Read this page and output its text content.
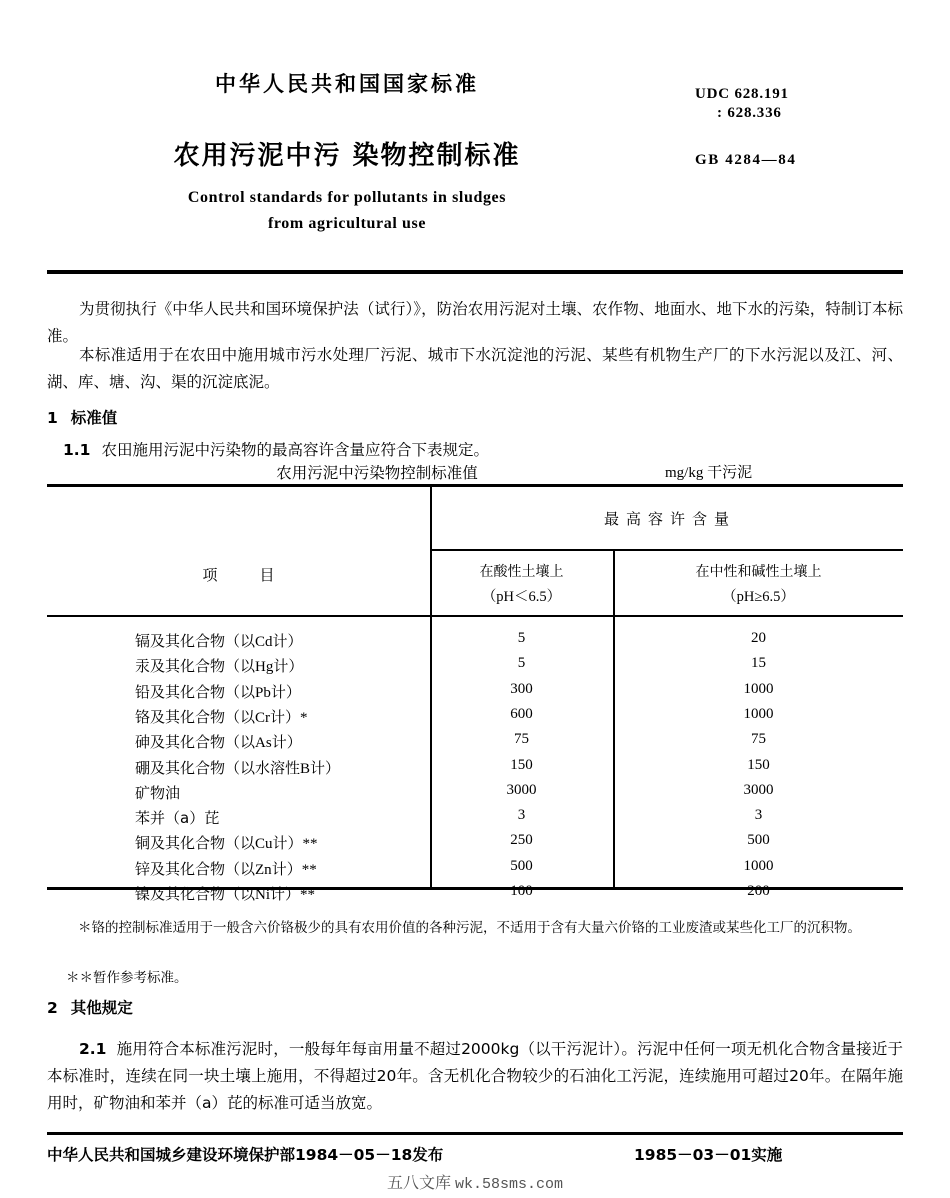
中华人民共和国国家标准
农用污泥中污 染物控制标准
Control standards for pollutants in sludges
from agricultural use
UDC 628.191
: 628.336
GB 4284—84
为贯彻执行《中华人民共和国环境保护法（试行）》，防治农用污泥对土壤、农作物、地面水、地下水的污染，特制订本标准。
本标准适用于在农田中施用城市污水处理厂污泥、城市下水沉淀池的污泥、某些有机物生产厂的下水污泥以及江、河、湖、库、塘、沟、渠的沉淀底泥。
1 标准值
1.1 农田施用污泥中污染物的最高容许含量应符合下表规定。
农用污泥中污染物控制标准值	mg/kg 干污泥
项	目
最高容许含量
在酸性土壤上
（pH＜6.5）
在中性和碱性土壤上
（pH≥6.5）
镉及其化合物（以Cd计）	5	20
汞及其化合物（以Hg计）	5	15
铅及其化合物（以Pb计）	300	1000
铬及其化合物（以Cr计）*	600	1000
砷及其化合物（以As计）	75	75
硼及其化合物（以水溶性B计）	150	150
矿物油	3000	3000
苯并（a）芘	3	3
铜及其化合物（以Cu计）**	250	500
锌及其化合物（以Zn计）**	500	1000
镍及其化合物（以Ni计）**	100	200
＊铬的控制标准适用于一般含六价铬极少的具有农用价值的各种污泥，不适用于含有大量六价铬的工业废渣或某些化工厂的沉积物。
＊＊暂作参考标准。
2 其他规定
2.1 施用符合本标准污泥时，一般每年每亩用量不超过2000kg（以干污泥计）。污泥中任何一项无机化合物含量接近于本标准时，连续在同一块土壤上施用，不得超过20年。含无机化合物较少的石油化工污泥，连续施用可超过20年。在隔年施用时，矿物油和苯并（a）芘的标准可适当放宽。
中华人民共和国城乡建设环境保护部1984－05－18发布	1985－03－01实施
五八文库 wk.58sms.com
